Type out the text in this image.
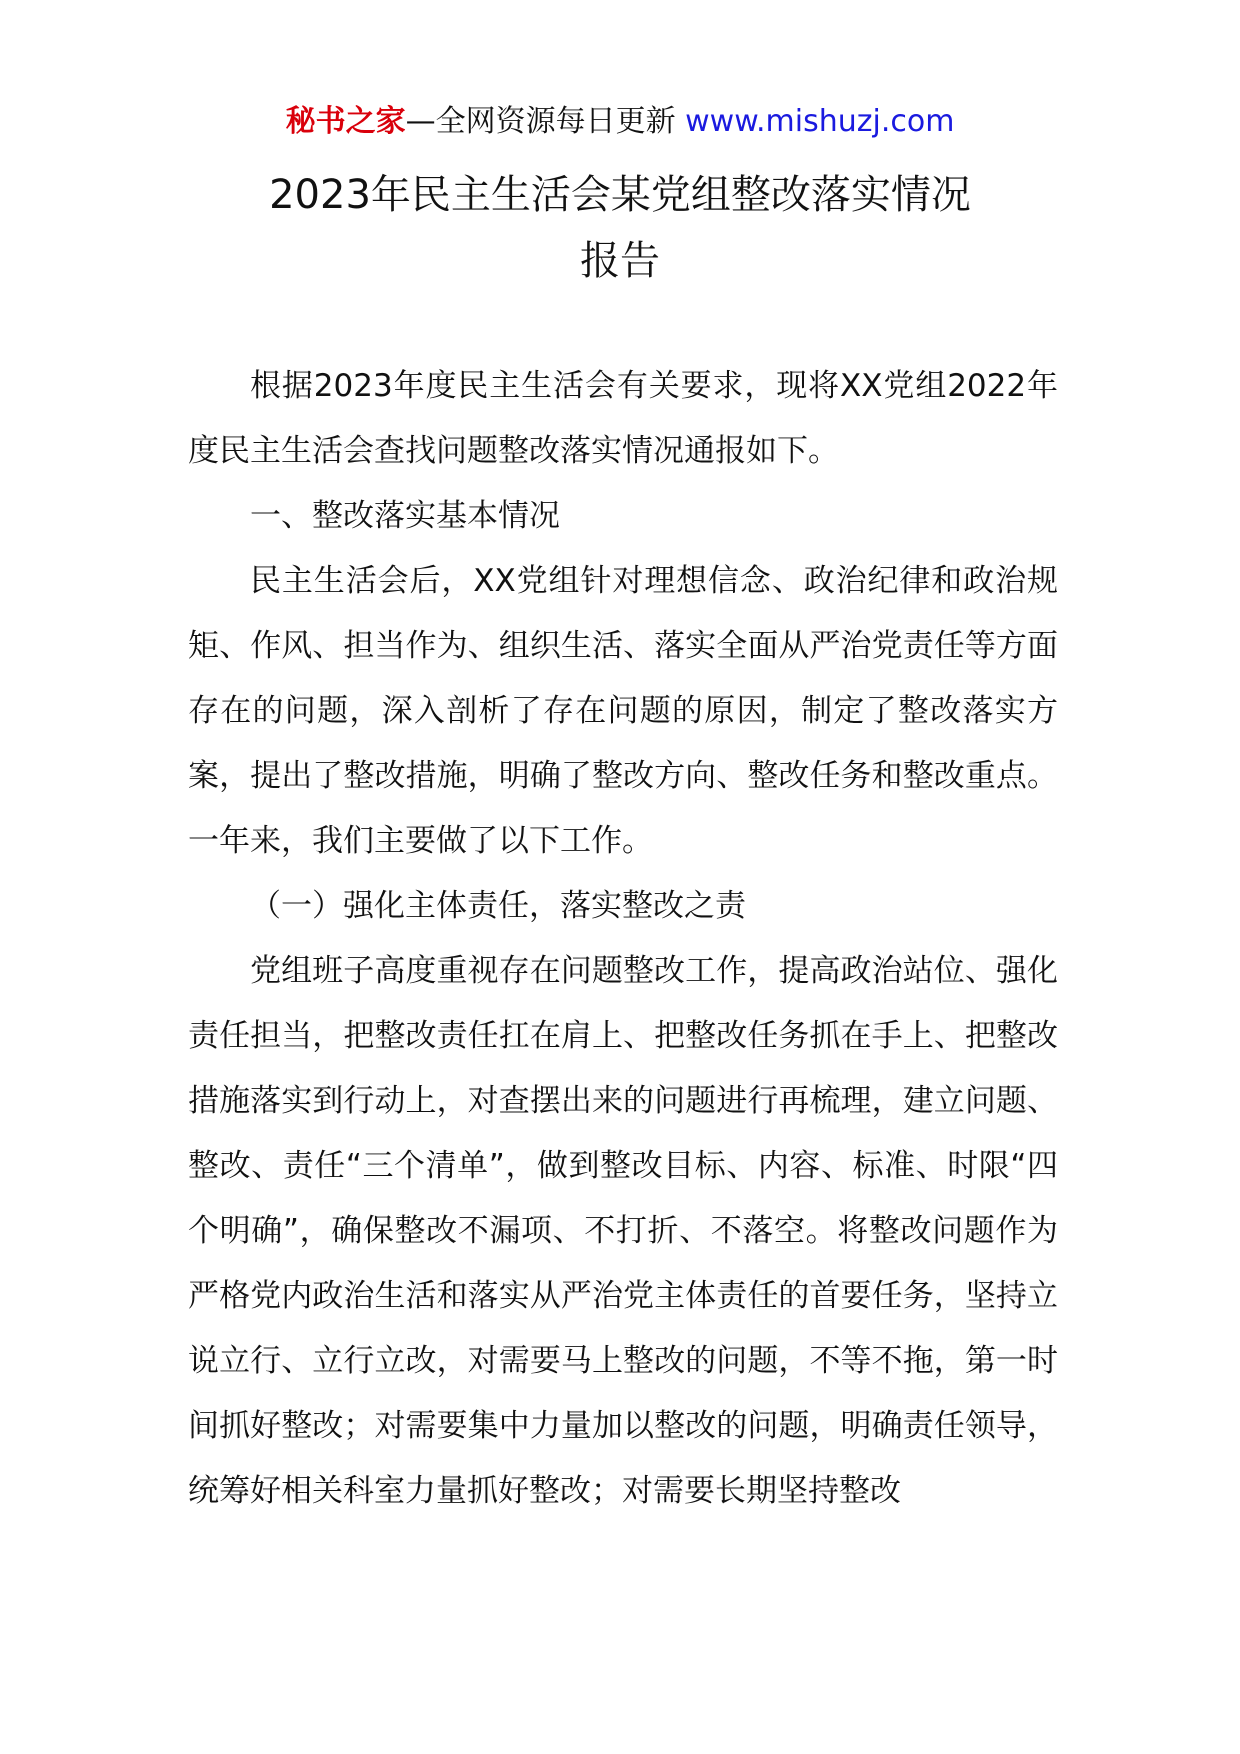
秘书之家—全网资源每日更新 www.mishuzj.com
2023年民主生活会某党组整改落实情况
报告

根据2023年度民主生活会有关要求，现将XX党组2022年度民主生活会查找问题整改落实情况通报如下。

一、整改落实基本情况

民主生活会后，XX党组针对理想信念、政治纪律和政治规矩、作风、担当作为、组织生活、落实全面从严治党责任等方面存在的问题，深入剖析了存在问题的原因，制定了整改落实方案，提出了整改措施，明确了整改方向、整改任务和整改重点。一年来，我们主要做了以下工作。

（一）强化主体责任，落实整改之责

党组班子高度重视存在问题整改工作，提高政治站位、强化责任担当，把整改责任扛在肩上、把整改任务抓在手上、把整改措施落实到行动上，对查摆出来的问题进行再梳理，建立问题、整改、责任“三个清单”，做到整改目标、内容、标准、时限“四个明确”，确保整改不漏项、不打折、不落空。将整改问题作为严格党内政治生活和落实从严治党主体责任的首要任务，坚持立说立行、立行立改，对需要马上整改的问题，不等不拖，第一时间抓好整改；对需要集中力量加以整改的问题，明确责任领导，统筹好相关科室力量抓好整改；对需要长期坚持整改
